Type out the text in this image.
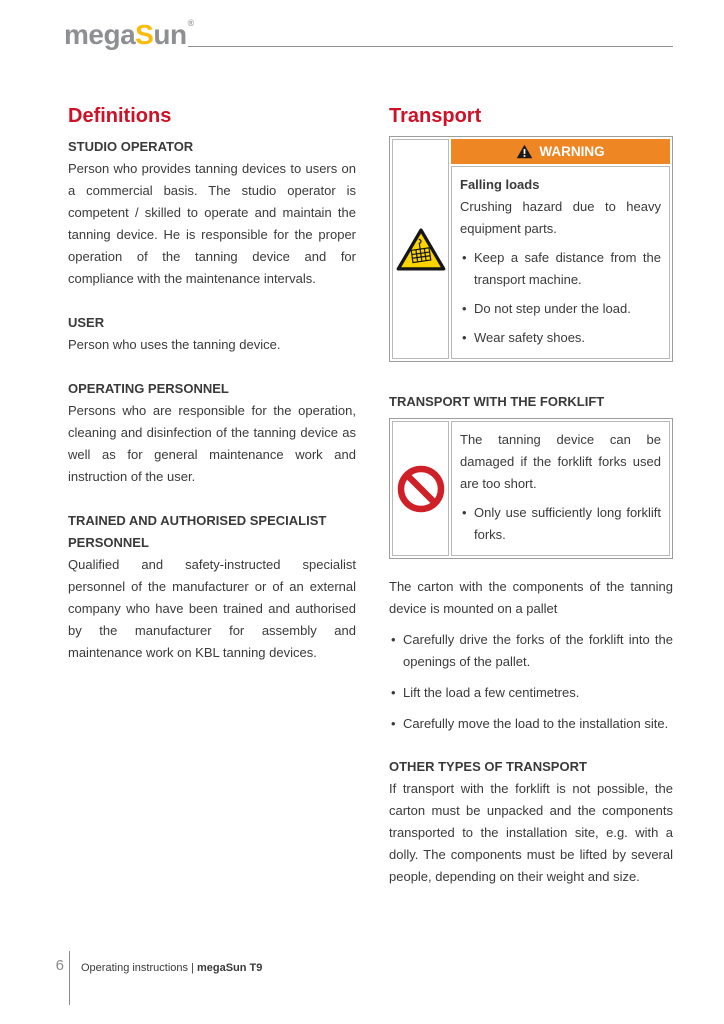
megaSun®
Definitions
STUDIO OPERATOR

Person who provides tanning devices to users on a commercial basis. The studio operator is competent / skilled to operate and maintain the tanning device. He is responsible for the proper operation of the tanning device and for compliance with the maintenance intervals.

USER

Person who uses the tanning device.

OPERATING PERSONNEL

Persons who are responsible for the operation, cleaning and disinfection of the tanning device as well as for general maintenance work and instruction of the user.

TRAINED AND AUTHORISED SPECIALIST PERSONNEL

Qualified and safety-instructed specialist personnel of the manufacturer or of an external company who have been trained and authorised by the manufacturer for assembly and maintenance work on KBL tanning devices.

Transport
WARNING

Falling loads

Crushing hazard due to heavy equipment parts.

• Keep a safe distance from the transport machine.
• Do not step under the load.
• Wear safety shoes.
TRANSPORT WITH THE FORKLIFT

The tanning device can be damaged if the forklift forks used are too short.

• Only use sufficiently long forklift forks.

The carton with the components of the tanning device is mounted on a pallet

• Carefully drive the forks of the forklift into the openings of the pallet.
• Lift the load a few centimetres.
• Carefully move the load to the installation site.
OTHER TYPES OF TRANSPORT

If transport with the forklift is not possible, the carton must be unpacked and the components transported to the installation site, e.g. with a dolly. The components must be lifted by several people, depending on their weight and size.

6 Operating instructions | megaSun T9
